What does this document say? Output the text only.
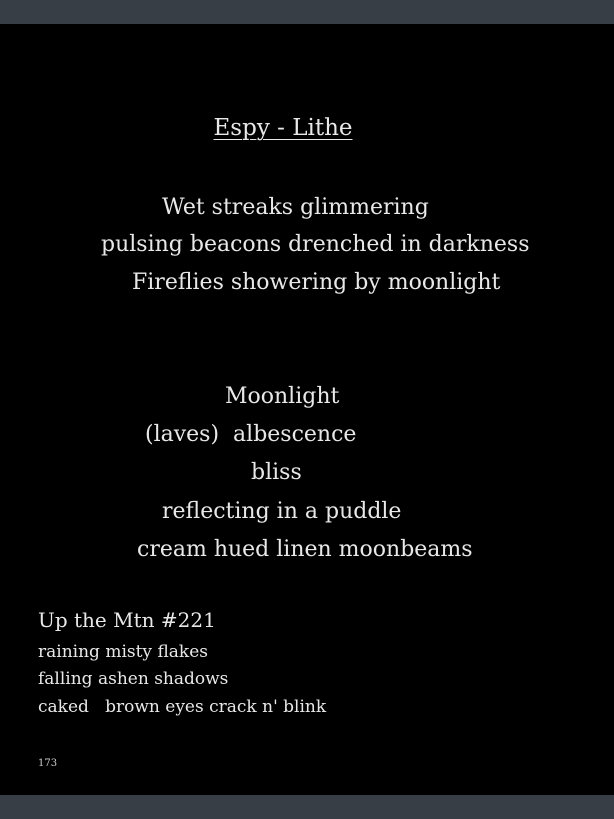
Espy - Lithe
Wet streaks glimmering
pulsing beacons drenched in darkness
Fireflies showering by moonlight
Moonlight
(laves)  albescence
bliss
reflecting in a puddle
cream hued linen moonbeams
Up the Mtn #221
raining misty flakes
falling ashen shadows
caked   brown eyes crack n' blink
173
